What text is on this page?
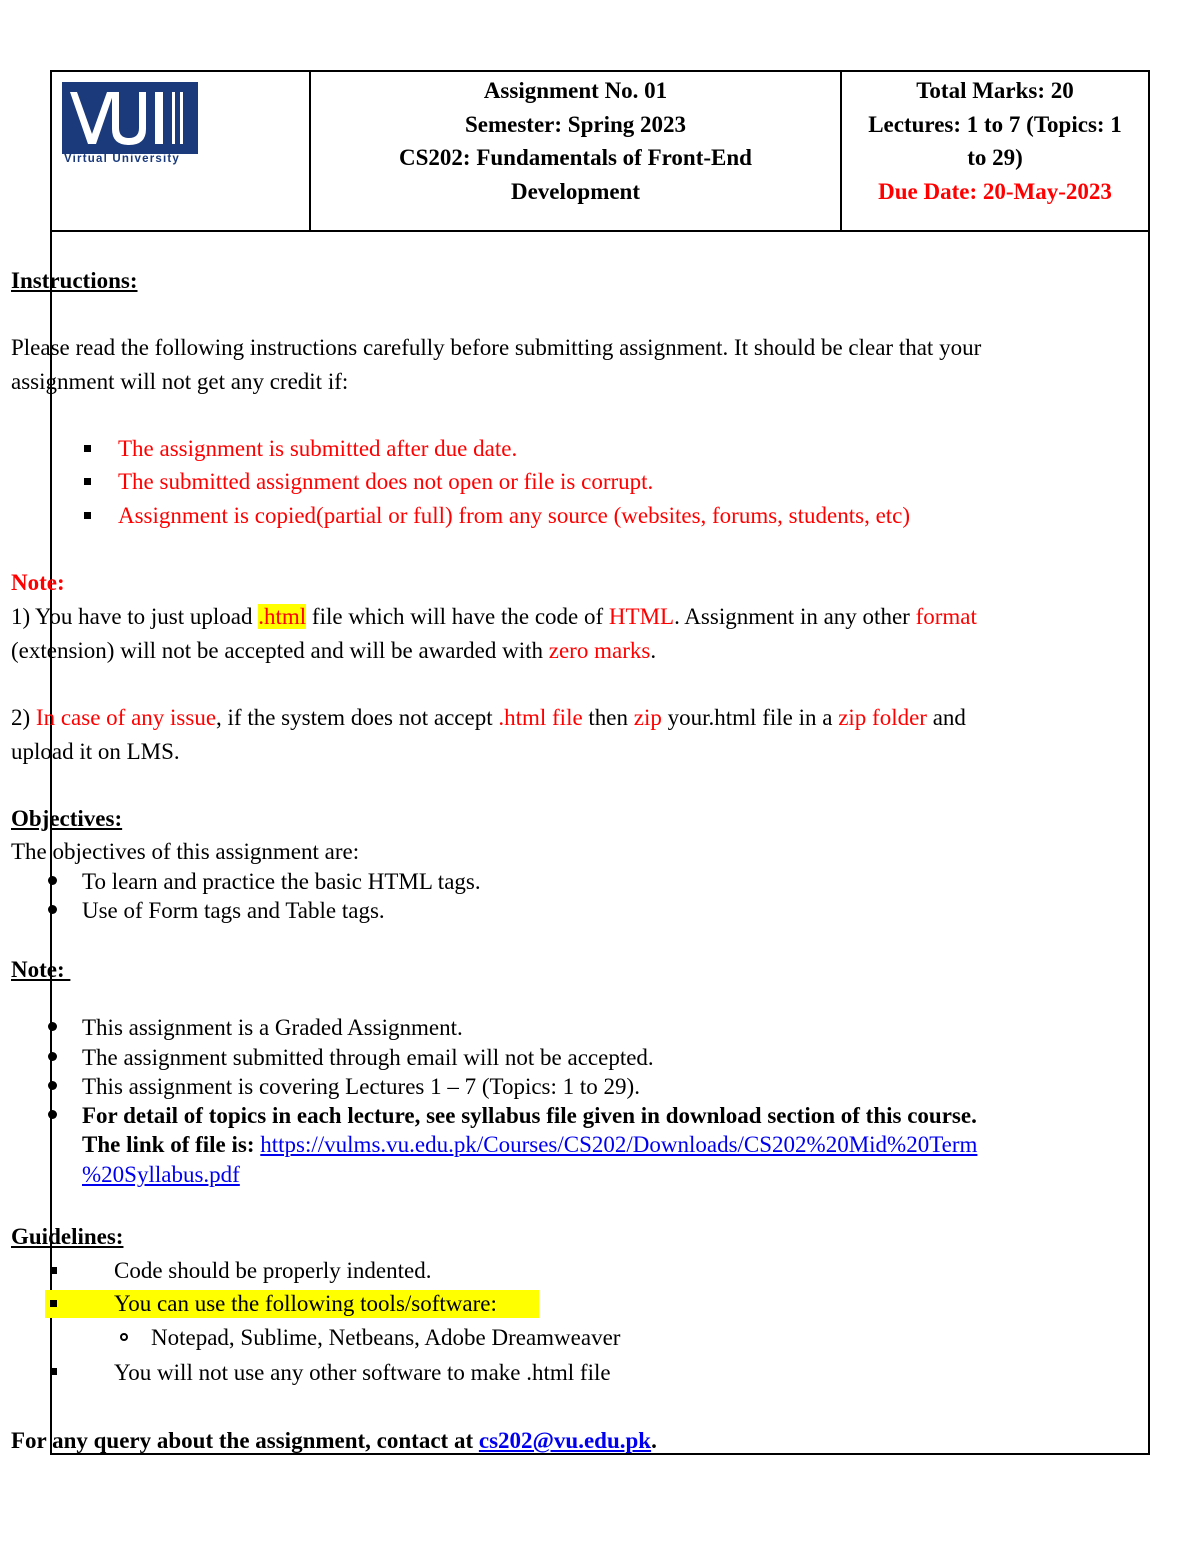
Virtual University
Assignment No. 01
Semester: Spring 2023
CS202: Fundamentals of Front-End
Development
Total Marks: 20
Lectures: 1 to 7 (Topics: 1
to 29)
Due Date: 20-May-2023
Instructions:
Please read the following instructions carefully before submitting assignment. It should be clear that your
assignment will not get any credit if:
The assignment is submitted after due date.
The submitted assignment does not open or file is corrupt.
Assignment is copied(partial or full) from any source (websites, forums, students, etc)
Note:
1) You have to just upload .html file which will have the code of HTML. Assignment in any other format
(extension) will not be accepted and will be awarded with zero marks.
2) In case of any issue, if the system does not accept .html file then zip your.html file in a zip folder and
upload it on LMS.
Objectives:
The objectives of this assignment are:
To learn and practice the basic HTML tags.
Use of Form tags and Table tags.
Note:
This assignment is a Graded Assignment.
The assignment submitted through email will not be accepted.
This assignment is covering Lectures 1 – 7 (Topics: 1 to 29).
For detail of topics in each lecture, see syllabus file given in download section of this course.
The link of file is: https://vulms.vu.edu.pk/Courses/CS202/Downloads/CS202%20Mid%20Term
%20Syllabus.pdf
Guidelines:
Code should be properly indented.
You can use the following tools/software:
Notepad, Sublime, Netbeans, Adobe Dreamweaver
You will not use any other software to make .html file
For any query about the assignment, contact at cs202@vu.edu.pk.
